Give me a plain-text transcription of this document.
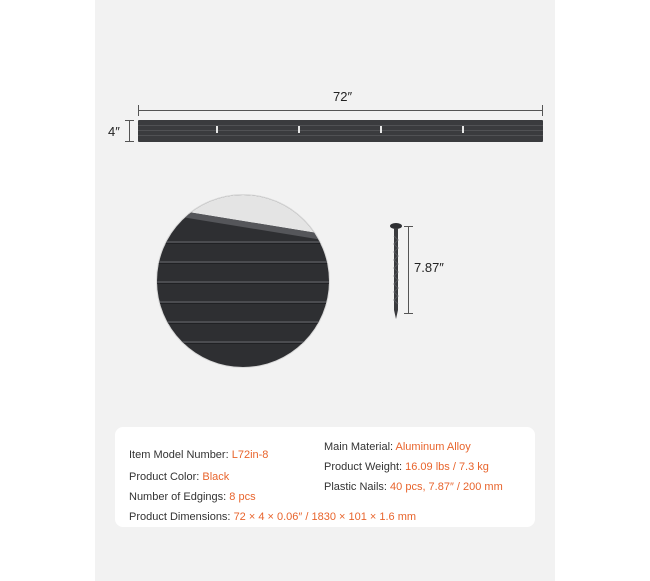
72″
4″
7.87″
Item Model Number: L72in-8
Product Color: Black
Number of Edgings: 8 pcs
Product Dimensions: 72 × 4 × 0.06″ / 1830 × 101 × 1.6 mm
Main Material: Aluminum Alloy
Product Weight: 16.09 lbs / 7.3 kg
Plastic Nails: 40 pcs, 7.87″ / 200 mm
